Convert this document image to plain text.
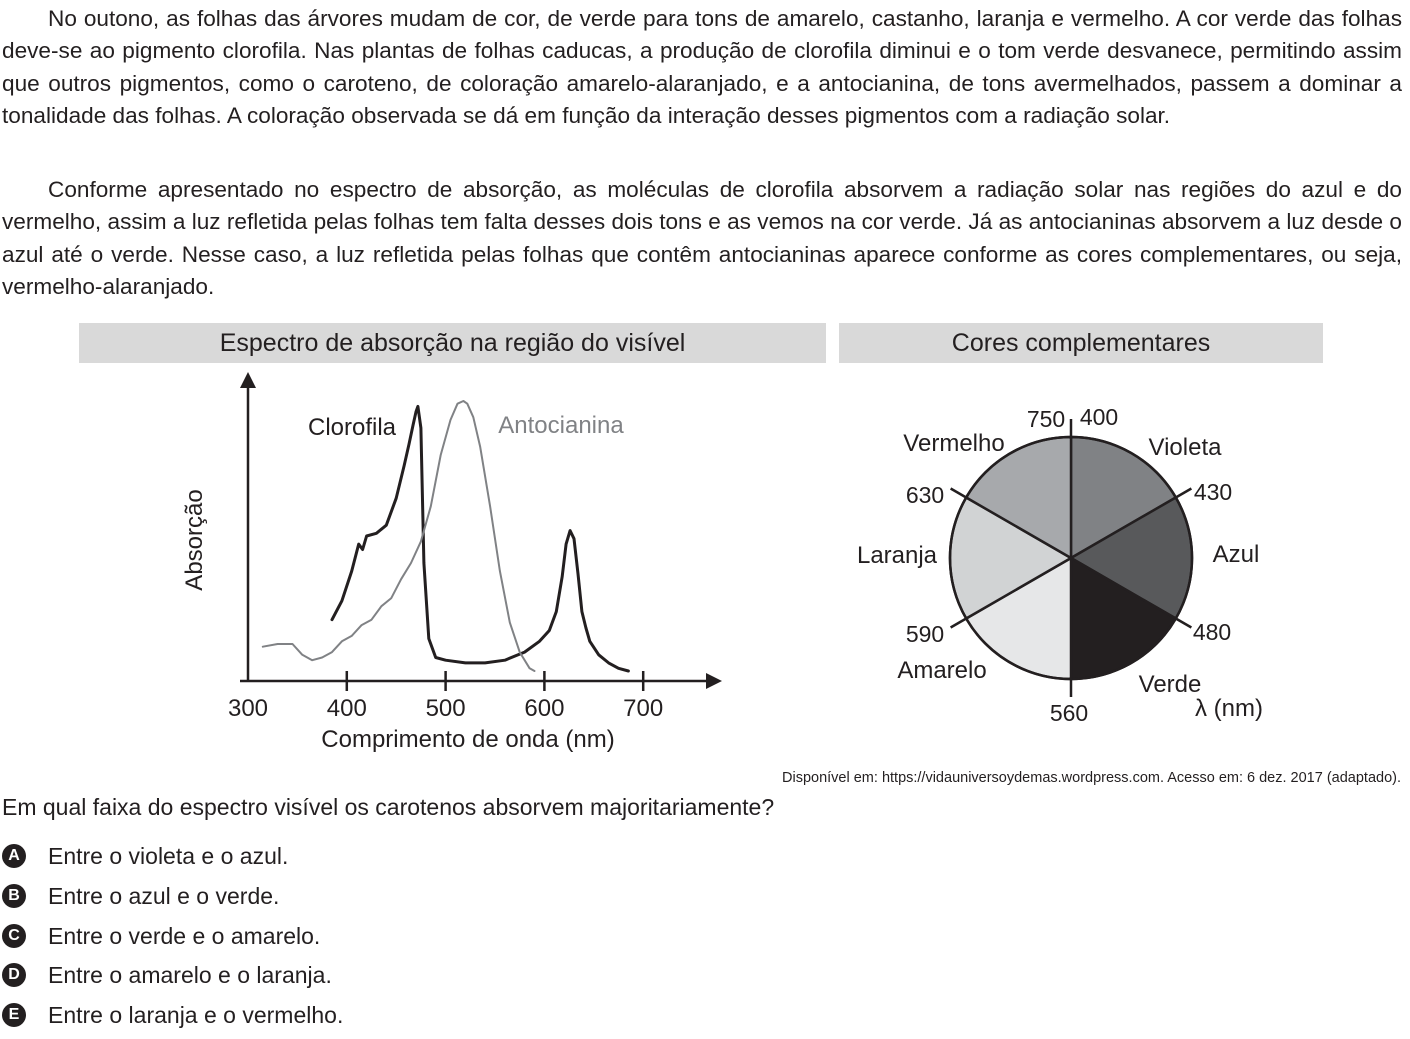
No outono, as folhas das árvores mudam de cor, de verde para tons de amarelo, castanho, laranja e vermelho. A cor verde das folhas deve-se ao pigmento clorofila. Nas plantas de folhas caducas, a produção de clorofila diminui e o tom verde desvanece, permitindo assim que outros pigmentos, como o caroteno, de coloração amarelo-alaranjado, e a antocianina, de tons avermelhados, passem a dominar a tonalidade das folhas. A coloração observada se dá em função da interação desses pigmentos com a radiação solar.

Conforme apresentado no espectro de absorção, as moléculas de clorofila absorvem a radiação solar nas regiões do azul e do vermelho, assim a luz refletida pelas folhas tem falta desses dois tons e as vemos na cor verde. Já as antocianinas absorvem a luz desde o azul até o verde. Nesse caso, a luz refletida pelas folhas que contêm antocianinas aparece conforme as cores complementares, ou seja, vermelho-alaranjado.

Espectro de absorção na região do visível	Cores complementares
300 400 500 600 700
Comprimento de onda (nm)
Absorção
Clorofila	Antocianina	400
430
480
560
590
630
750
Violeta
Azul
Verde
Amarelo
Laranja
Vermelho
λ (nm)
Disponível em: https://vidauniversoydemas.wordpress.com. Acesso em: 6 dez. 2017 (adaptado).

Em qual faixa do espectro visível os carotenos absorvem majoritariamente?

A Entre o violeta e o azul.
B Entre o azul e o verde.
C Entre o verde e o amarelo.
D Entre o amarelo e o laranja.
E Entre o laranja e o vermelho.
